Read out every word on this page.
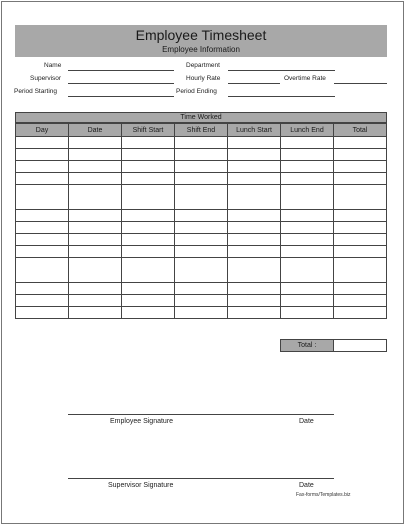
Employee Timesheet
Employee Information
Name	Department
Supervisor	Hourly Rate	Overtime Rate
Period Starting	Period Ending
Time Worked
Day	Date	Shift Start	Shift End	Lunch Start	Lunch End	Total

Total :
Employee Signature	Date
Supervisor Signature	Date
Fax-forms/Templates.biz
